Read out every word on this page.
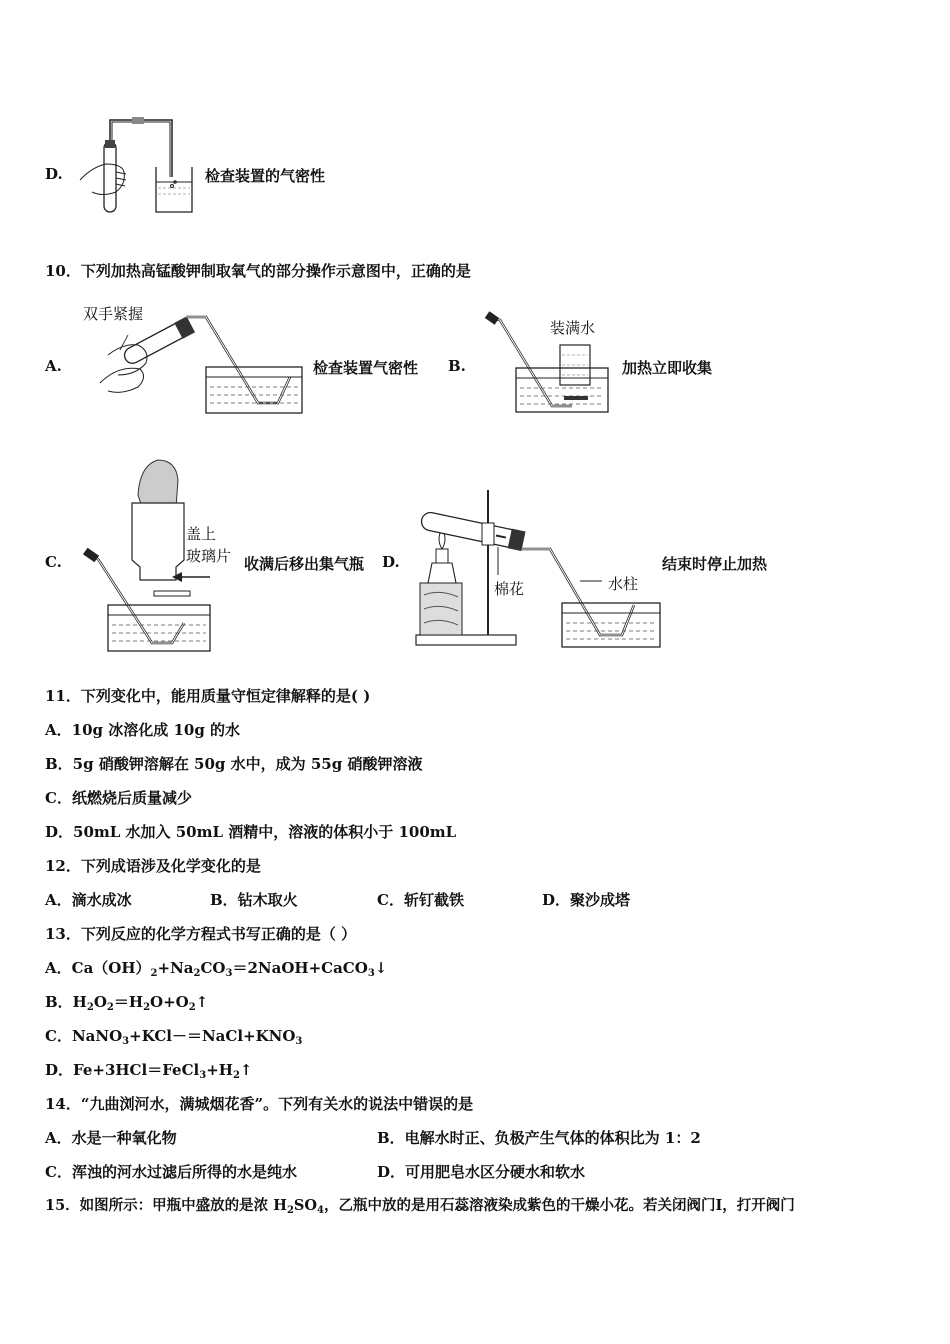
D.	检查装置的气密性
10．下列加热高锰酸钾制取氧气的部分操作示意图中，正确的是
A.
双手紧握
检查装置气密性 B.
装满水
加热立即收集
C.
盖上
玻璃片 收满后移出集气瓶 D.
棉花	水柱
结束时停止加热
11．下列变化中，能用质量守恒定律解释的是( )
A．10g 冰溶化成 10g 的水
B．5g 硝酸钾溶解在 50g 水中，成为 55g 硝酸钾溶液
C．纸燃烧后质量减少
D．50mL 水加入 50mL 酒精中，溶液的体积小于 100mL
12．下列成语涉及化学变化的是
A．滴水成冰	B．钻木取火	C．斩钉截铁	D．聚沙成塔
13．下列反应的化学方程式书写正确的是（ ）
A．$Ca(OH)_2+Na_2CO_3=2NaOH+CaCO_3↓$
B．$H_2O_2=H_2O+O_2↑$
C．$NaNO_3+KCl-=NaCl+KNO_3$
D．$Fe+3HCl=FeCl_3+H_2↑$
14．“九曲浏河水，满城烟花香”。下列有关水的说法中错误的是
A．水是一种氧化物	B．电解水时正、负极产生气体的体积比为 1：2
C．浑浊的河水过滤后所得的水是纯水	D．可用肥皂水区分硬水和软水
15．如图所示：甲瓶中盛放的是浓 $H_2SO_4$，乙瓶中放的是用石蕊溶液染成紫色的干燥小花。若关闭阀门Ⅰ，打开阀门
